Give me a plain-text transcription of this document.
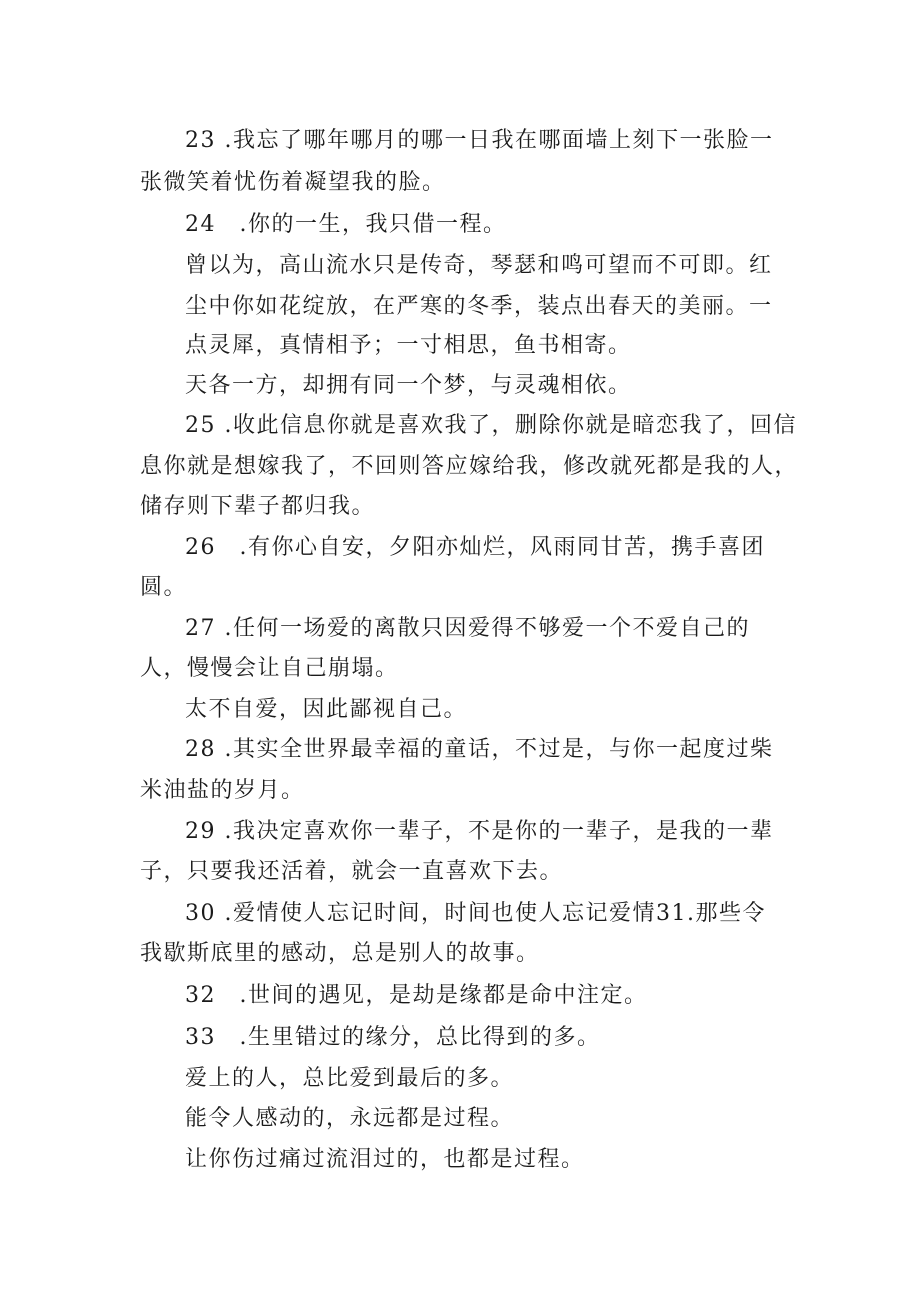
23 .我忘了哪年哪月的哪一日我在哪面墙上刻下一张脸一

张微笑着忧伤着凝望我的脸。

24　.你的一生，我只借一程。

曾以为，高山流水只是传奇，琴瑟和鸣可望而不可即。红

尘中你如花绽放，在严寒的冬季，装点出春天的美丽。一

点灵犀，真情相予；一寸相思，鱼书相寄。

天各一方，却拥有同一个梦，与灵魂相依。

25 .收此信息你就是喜欢我了，删除你就是暗恋我了，回信

息你就是想嫁我了，不回则答应嫁给我，修改就死都是我的人，

储存则下辈子都归我。

26　.有你心自安，夕阳亦灿烂，风雨同甘苦，携手喜团

圆。

27 .任何一场爱的离散只因爱得不够爱一个不爱自己的

人，慢慢会让自己崩塌。

太不自爱，因此鄙视自己。

28 .其实全世界最幸福的童话，不过是，与你一起度过柴

米油盐的岁月。

29 .我决定喜欢你一辈子，不是你的一辈子，是我的一辈

子，只要我还活着，就会一直喜欢下去。

30 .爱情使人忘记时间，时间也使人忘记爱情31.那些令

我歇斯底里的感动，总是别人的故事。

32　.世间的遇见，是劫是缘都是命中注定。

33　.生里错过的缘分，总比得到的多。

爱上的人，总比爱到最后的多。

能令人感动的，永远都是过程。

让你伤过痛过流泪过的，也都是过程。
